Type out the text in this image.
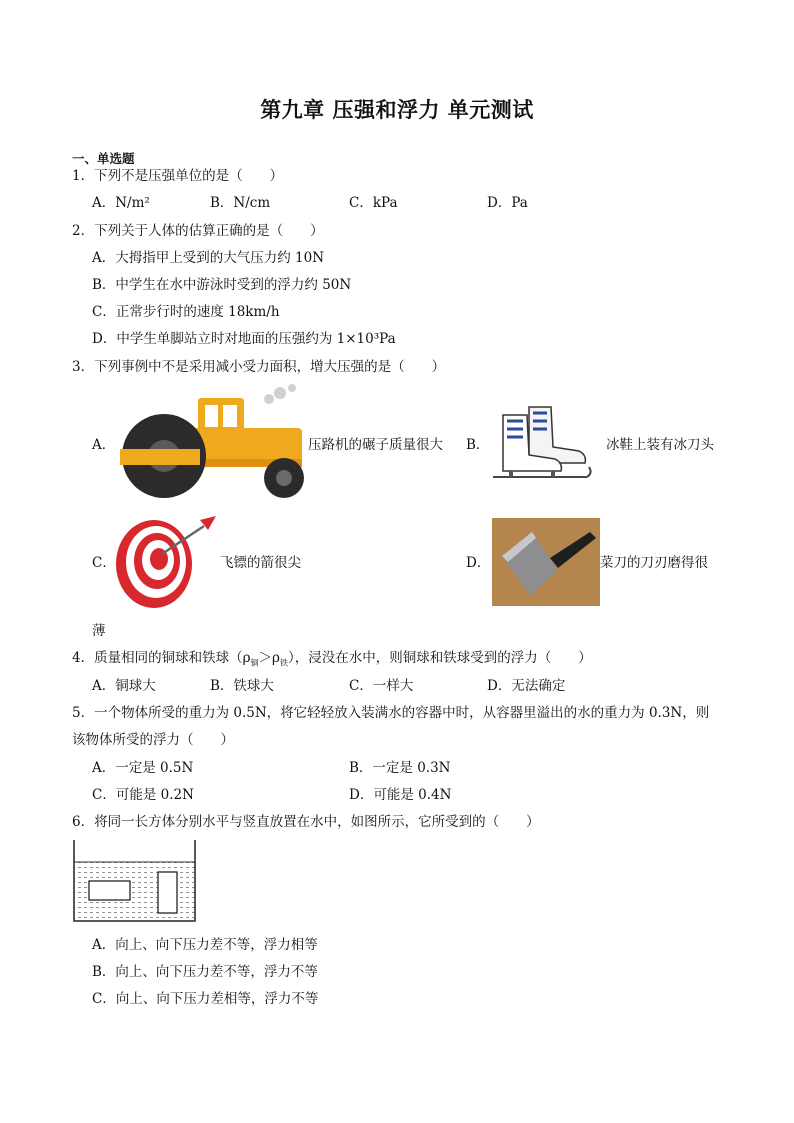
第九章 压强和浮力 单元测试
一、单选题
1．下列不是压强单位的是（　　）
A．N/m²	B．N/cm	C．kPa	D．Pa
2．下列关于人体的估算正确的是（　　）
A．大拇指甲上受到的大气压力约 10N
B．中学生在水中游泳时受到的浮力约 50N
C．正常步行时的速度 18km/h
D．中学生单脚站立时对地面的压强约为 1×10³Pa
3．下列事例中不是采用减小受力面积，增大压强的是（　　）
A．	压路机的碾子质量很大 B．	冰鞋上装有冰刀头
C．	飞镖的箭很尖	D．	菜刀的刀刃磨得很
薄
4．质量相同的铜球和铁球$(\rho_铜>\rho_铁)$，浸没在水中，则铜球和铁球受到的浮力（　　）
A．铜球大	B．铁球大	C．一样大	D．无法确定
5．一个物体所受的重力为 0.5N，将它轻轻放入装满水的容器中时，从容器里溢出的水的重力为 0.3N，则
该物体所受的浮力（　　）
A．一定是 0.5N	B．一定是 0.3N
C．可能是 0.2N	D．可能是 0.4N
6．将同一长方体分别水平与竖直放置在水中，如图所示，它所受到的（　　）
A．向上、向下压力差不等，浮力相等
B．向上、向下压力差不等，浮力不等
C．向上、向下压力差相等，浮力不等
